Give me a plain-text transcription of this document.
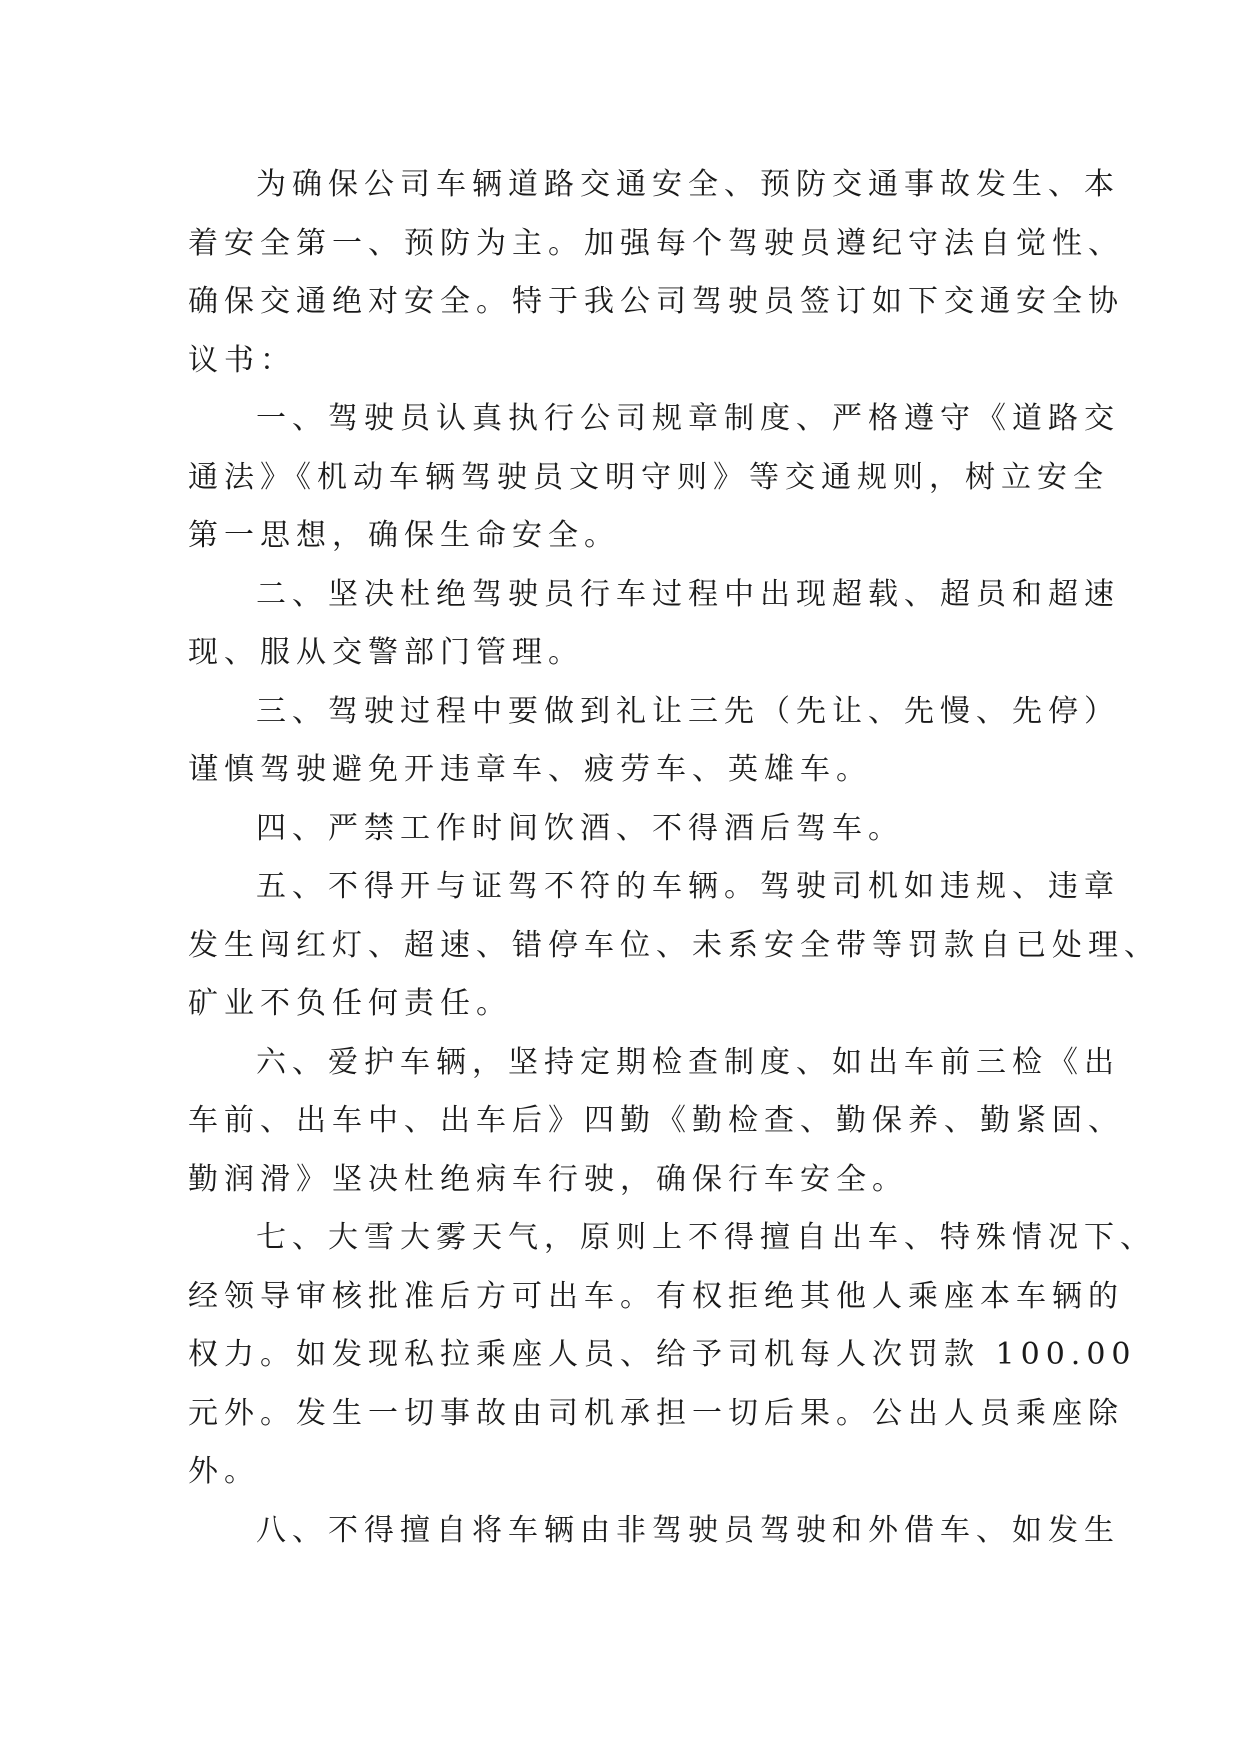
为确保公司车辆道路交通安全、预防交通事故发生、本
着安全第一、预防为主。加强每个驾驶员遵纪守法自觉性、
确保交通绝对安全。特于我公司驾驶员签订如下交通安全协
议书：
一、驾驶员认真执行公司规章制度、严格遵守《道路交
通法》《机动车辆驾驶员文明守则》等交通规则，树立安全
第一思想，确保生命安全。
二、坚决杜绝驾驶员行车过程中出现超载、超员和超速
现、服从交警部门管理。
三、驾驶过程中要做到礼让三先（先让、先慢、先停）
谨慎驾驶避免开违章车、疲劳车、英雄车。
四、严禁工作时间饮酒、不得酒后驾车。
五、不得开与证驾不符的车辆。驾驶司机如违规、违章
发生闯红灯、超速、错停车位、未系安全带等罚款自已处理、
矿业不负任何责任。
六、爱护车辆，坚持定期检查制度、如出车前三检《出
车前、出车中、出车后》四勤《勤检查、勤保养、勤紧固、
勤润滑》坚决杜绝病车行驶，确保行车安全。
七、大雪大雾天气，原则上不得擅自出车、特殊情况下、
经领导审核批准后方可出车。有权拒绝其他人乘座本车辆的
权力。如发现私拉乘座人员、给予司机每人次罚款 100.00
元外。发生一切事故由司机承担一切后果。公出人员乘座除
外。
八、不得擅自将车辆由非驾驶员驾驶和外借车、如发生
